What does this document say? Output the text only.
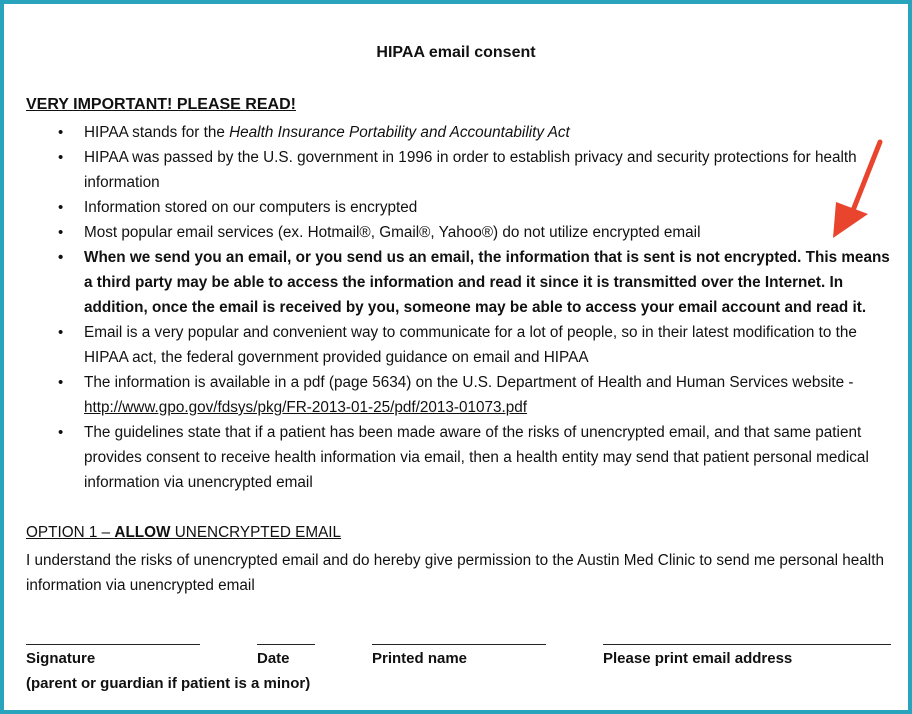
HIPAA email consent
VERY IMPORTANT! PLEASE READ!
• HIPAA stands for the Health Insurance Portability and Accountability Act
• HIPAA was passed by the U.S. government in 1996 in order to establish privacy and security protections for health information
• Information stored on our computers is encrypted
• Most popular email services (ex. Hotmail®, Gmail®, Yahoo®) do not utilize encrypted email
• When we send you an email, or you send us an email, the information that is sent is not encrypted. This means a third party may be able to access the information and read it since it is transmitted over the Internet. In addition, once the email is received by you, someone may be able to access your email account and read it.
• Email is a very popular and convenient way to communicate for a lot of people, so in their latest modification to the HIPAA act, the federal government provided guidance on email and HIPAA
• The information is available in a pdf (page 5634) on the U.S. Department of Health and Human Services website - http://www.gpo.gov/fdsys/pkg/FR-2013-01-25/pdf/2013-01073.pdf
• The guidelines state that if a patient has been made aware of the risks of unencrypted email, and that same patient provides consent to receive health information via email, then a health entity may send that patient personal medical information via unencrypted email
OPTION 1 – ALLOW UNENCRYPTED EMAIL
I understand the risks of unencrypted email and do hereby give permission to the Austin Med Clinic to send me personal health information via unencrypted email
Signature	Date	Printed name	Please print email address
(parent or guardian if patient is a minor)
